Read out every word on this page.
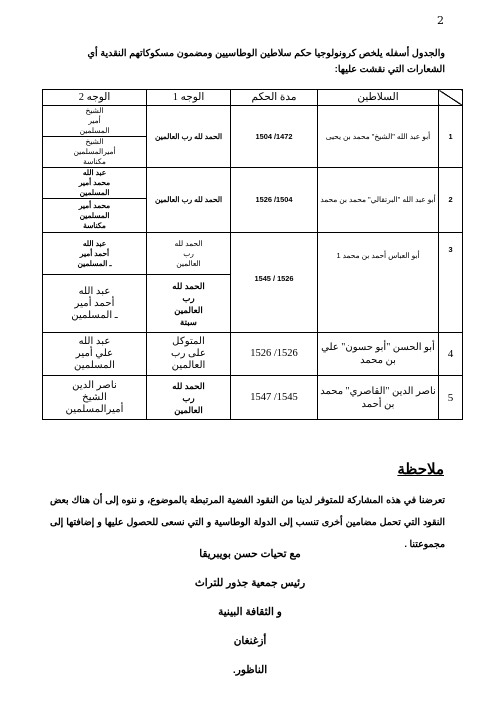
2
والجدول أسفله يلخص كرونولوجيا حكم سلاطين الوطاسيين ومضمون مسكوكاتهم النقدية أي الشعارات التي نقشت عليها:
	السلاطين	مدة الحكم	الوجه 1	الوجه 2
1	أبو عبد الله "الشيخ" محمد بن يحيى	1504 /1472	الحمد لله رب العالمين	الشيخ
أمير
المسلمين

				الشيخ
أميرالمسلمين
مكناسة

2	أبو عبد الله "البرتقالي" محمد بن محمد	1526 /1504	الحمد لله رب العالمين	عبد الله
محمد أمير
المسلمين

				محمد أمير
المسلمين
مكناسة

3	أبو العباس أحمد بن محمد 1	1545 / 1526	الحمد لله
رب
العالمين	عبد الله
أحمد أمير
ـ المسلمين

			الحمد لله
رب
العالمين
سبتة	عبد الله
أحمد أمير
ـ المسلمين

4	أبو الحسن "أبو حسون" علي بن محمد	1526 /1526	المتوكل
على رب
العالمين	عبد الله
علي أمير
المسلمين

5	ناصر الدين "القاصري" محمد بن أحمد	1547 /1545	الحمد لله
رب
العالمين	ناصر الدين
الشيخ
أميرالمسلمين
ملاحظة
تعرضنا في هذه المشاركة للمتوفر لدينا من النقود الفضية المرتبطة بالموضوع، و ننوه إلى أن هناك بعض النقود التي تحمل مضامين أخرى تنسب إلى الدولة الوطاسية و التي نسعى للحصول عليها و إضافتها إلى مجموعتنا .
مع تحيات حسن بويبريقا
رئيس جمعية جذور للتراث
و الثقافة البينية
أزغنغان
الناظور.
